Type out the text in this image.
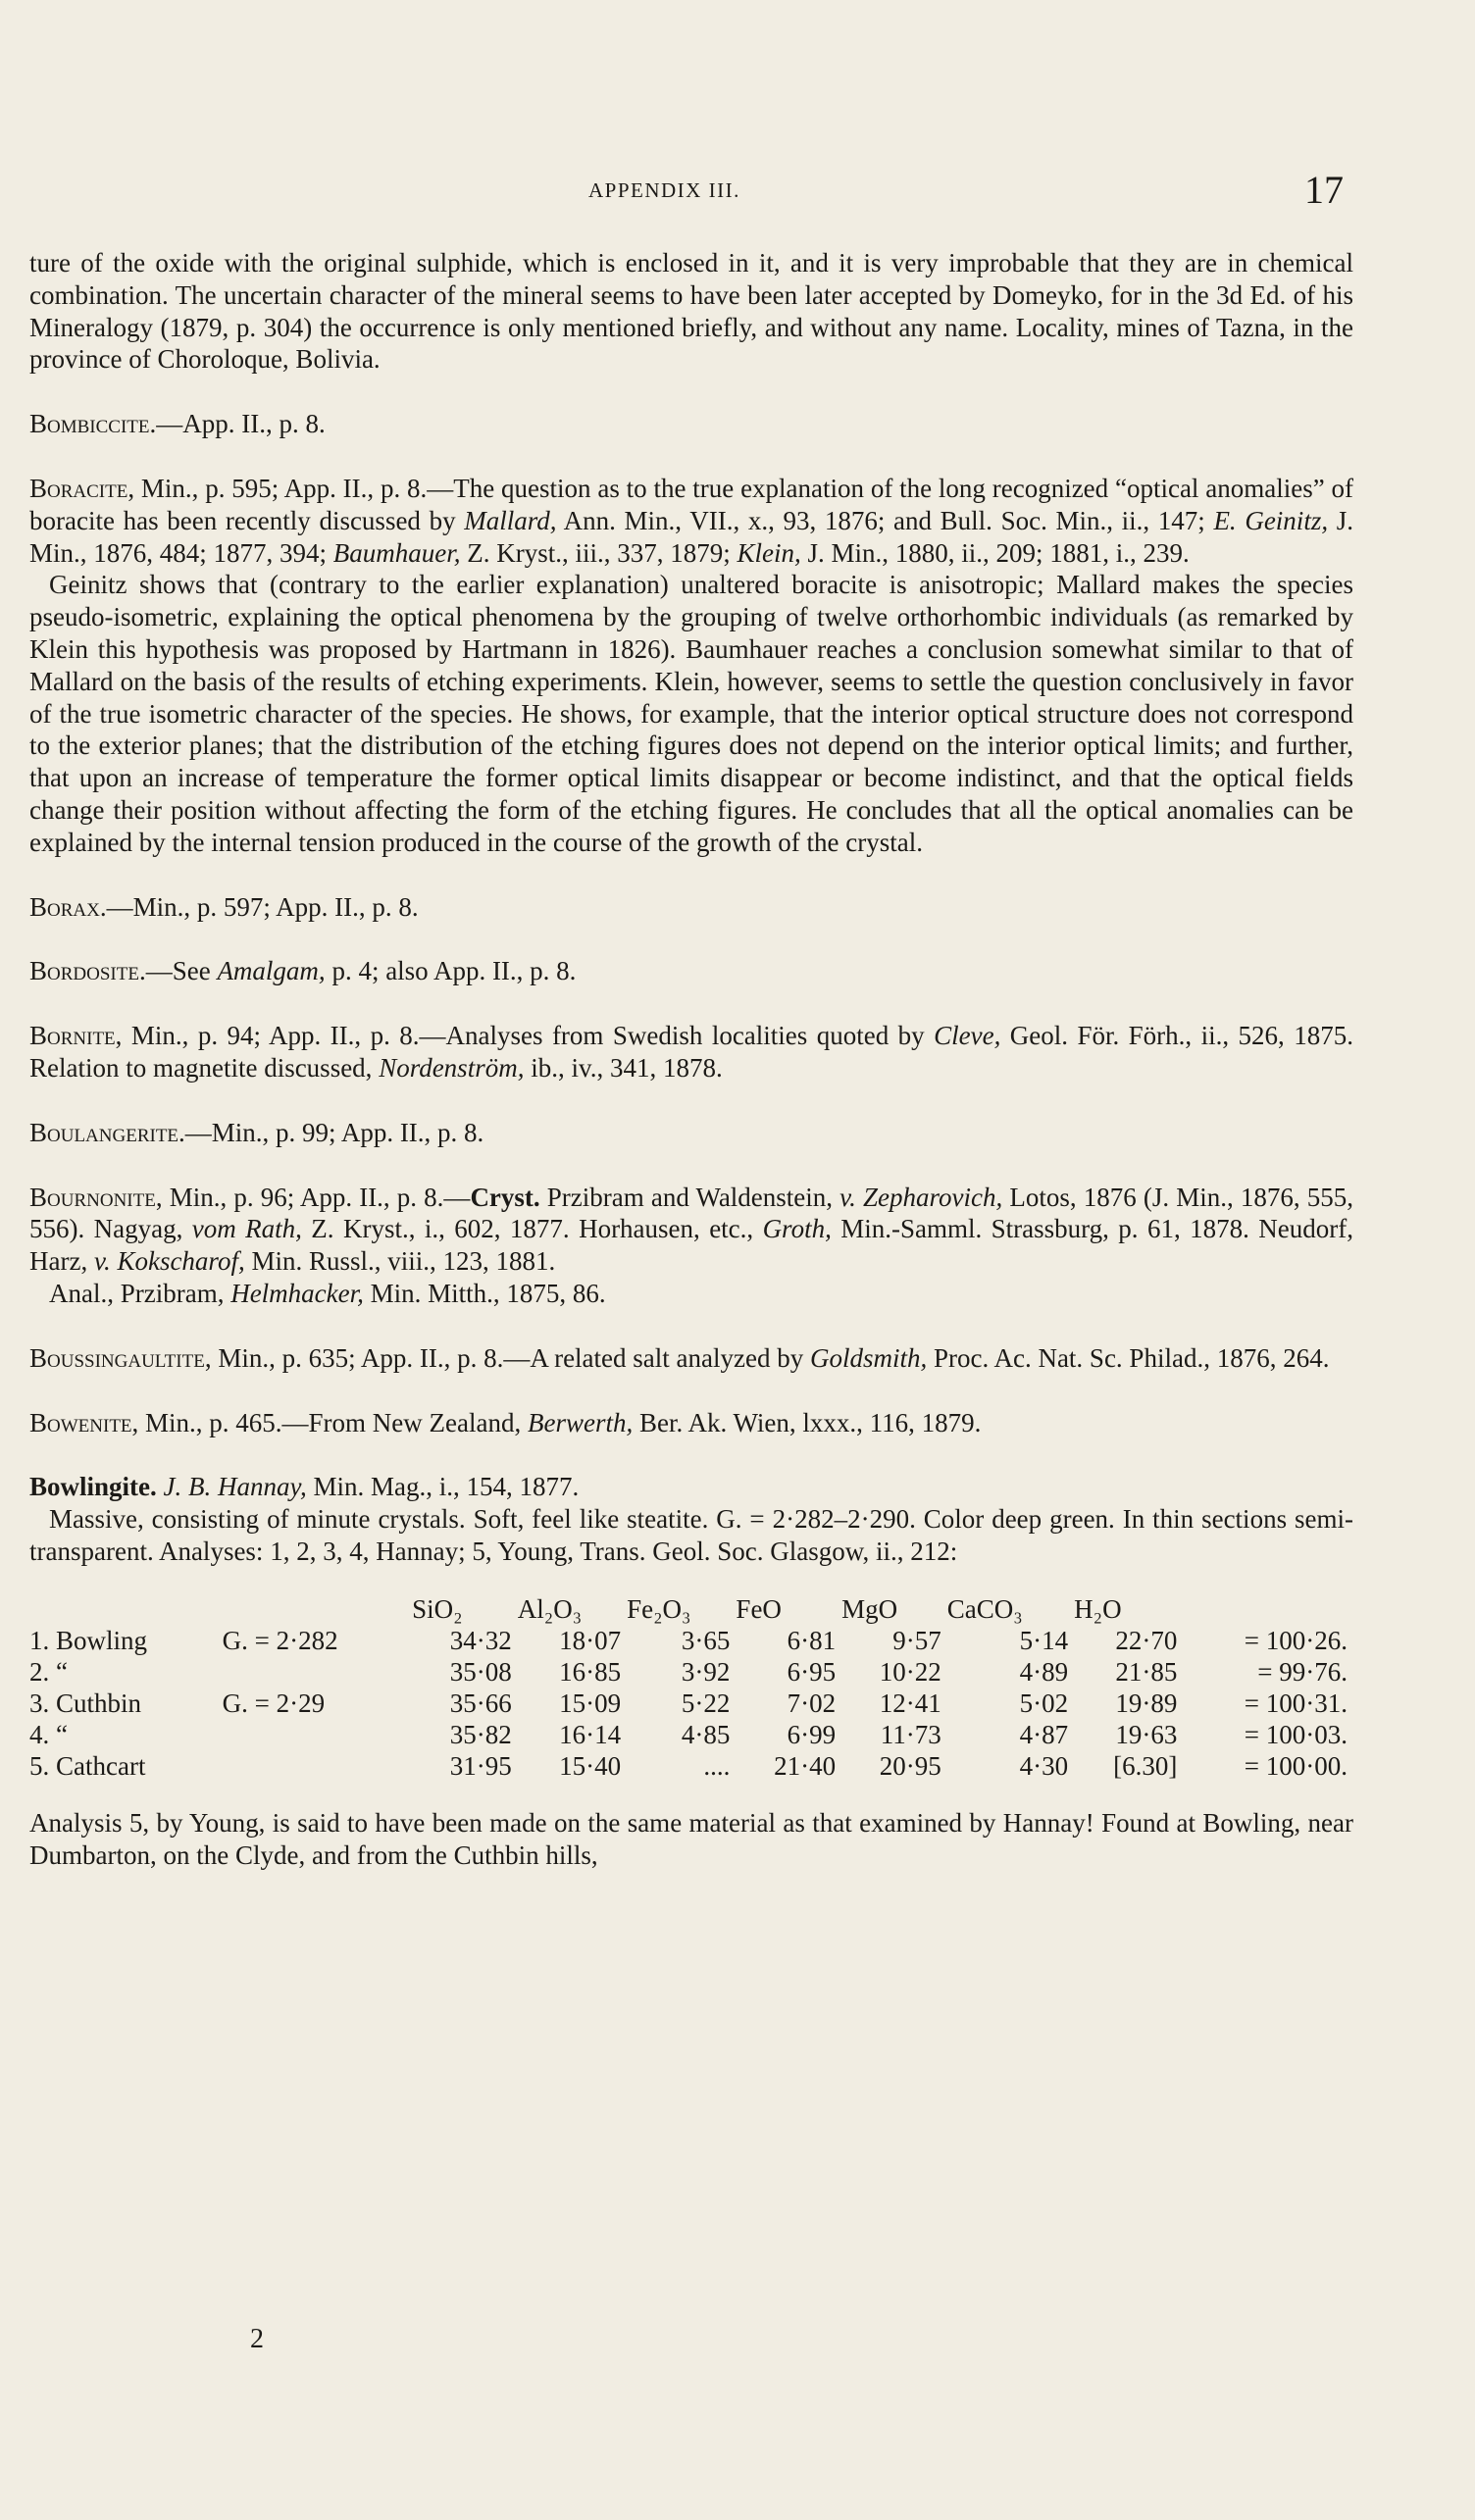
APPENDIX III.	17

ture of the oxide with the original sulphide, which is enclosed in it, and it is very improbable that they are in chemical combination. The uncertain character of the mineral seems to have been later accepted by Domeyko, for in the 3d Ed. of his Mineralogy (1879, p. 304) the occurrence is only mentioned briefly, and without any name. Locality, mines of Tazna, in the province of Choroloque, Bolivia.

Bombiccite.—App. II., p. 8.

Boracite, Min., p. 595; App. II., p. 8.—The question as to the true explanation of the long recognized “optical anomalies” of boracite has been recently discussed by Mallard, Ann. Min., VII., x., 93, 1876; and Bull. Soc. Min., ii., 147; E. Geinitz, J. Min., 1876, 484; 1877, 394; Baumhauer, Z. Kryst., iii., 337, 1879; Klein, J. Min., 1880, ii., 209; 1881, i., 239.

Geinitz shows that (contrary to the earlier explanation) unaltered boracite is anisotropic; Mallard makes the species pseudo-isometric, explaining the optical phenomena by the grouping of twelve orthorhombic individuals (as remarked by Klein this hypothesis was proposed by Hartmann in 1826). Baumhauer reaches a conclusion somewhat similar to that of Mallard on the basis of the results of etching experiments. Klein, however, seems to settle the question conclusively in favor of the true isometric character of the species. He shows, for example, that the interior optical structure does not correspond to the exterior planes; that the distribution of the etching figures does not depend on the interior optical limits; and further, that upon an increase of temperature the former optical limits disappear or become indistinct, and that the optical fields change their position without affecting the form of the etching figures. He concludes that all the optical anomalies can be explained by the internal tension produced in the course of the growth of the crystal.

Borax.—Min., p. 597; App. II., p. 8.

Bordosite.—See Amalgam, p. 4; also App. II., p. 8.

Bornite, Min., p. 94; App. II., p. 8.—Analyses from Swedish localities quoted by Cleve, Geol. För. Förh., ii., 526, 1875. Relation to magnetite discussed, Nordenström, ib., iv., 341, 1878.

Boulangerite.—Min., p. 99; App. II., p. 8.

Bournonite, Min., p. 96; App. II., p. 8.—Cryst. Przibram and Waldenstein, v. Zepharovich, Lotos, 1876 (J. Min., 1876, 555, 556). Nagyag, vom Rath, Z. Kryst., i., 602, 1877. Horhausen, etc., Groth, Min.-Samml. Strassburg, p. 61, 1878. Neudorf, Harz, v. Kokscharof, Min. Russl., viii., 123, 1881.

Anal., Przibram, Helmhacker, Min. Mitth., 1875, 86.

Boussingaultite, Min., p. 635; App. II., p. 8.—A related salt analyzed by Goldsmith, Proc. Ac. Nat. Sc. Philad., 1876, 264.

Bowenite, Min., p. 465.—From New Zealand, Berwerth, Ber. Ak. Wien, lxxx., 116, 1879.

Bowlingite. J. B. Hannay, Min. Mag., i., 154, 1877.

Massive, consisting of minute crystals. Soft, feel like steatite. G. = 2·282–2·290. Color deep green. In thin sections semi-transparent. Analyses: 1, 2, 3, 4, Hannay; 5, Young, Trans. Geol. Soc. Glasgow, ii., 212:

		SiO₂	Al₂O₃	Fe₂O₃	FeO	MgO	CaCO₃	H₂O	
1. Bowling	G. = 2·282	34·32	18·07	3·65	6·81	9·57	5·14	22·70	= 100·26.
2. “		35·08	16·85	3·92	6·95	10·22	4·89	21·85	= 99·76.
3. Cuthbin	G. = 2·29	35·66	15·09	5·22	7·02	12·41	5·02	19·89	= 100·31.
4. “		35·82	16·14	4·85	6·99	11·73	4·87	19·63	= 100·03.
5. Cathcart		31·95	15·40	....	21·40	20·95	4·30	[6.30]	= 100·00.

Analysis 5, by Young, is said to have been made on the same material as that examined by Hannay! Found at Bowling, near Dumbarton, on the Clyde, and from the Cuthbin hills,

2
